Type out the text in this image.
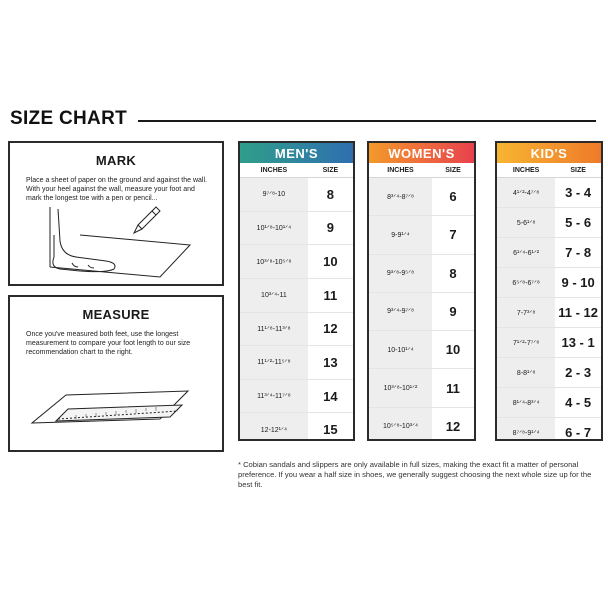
SIZE CHART
MARK
Place a sheet of paper on the ground and against the wall. With your heel against the wall, measure your foot and mark the longest toe with a pen or pencil...
MEASURE
Once you've measured both feet, use the longest measurement to compare your foot length to our size recommendation chart to the right.
MEN'S
INCHES	SIZE
9⁷ᐟ⁸-10	8
10¹ᐟ⁸-10¹ᐟ⁴	9
10³ᐟ⁸-10⁵ᐟ⁸	10
10³ᐟ⁴-11	11
11¹ᐟ⁸-11³ᐟ⁸	12
11¹ᐟ²-11⁵ᐟ⁸	13
11³ᐟ⁴-11⁷ᐟ⁸	14
12-12¹ᐟ⁴	15
WOMEN'S
INCHES	SIZE
8³ᐟ⁴-8⁷ᐟ⁸	6
9-9¹ᐟ⁴	7
9³ᐟ⁸-9⁵ᐟ⁸	8
9³ᐟ⁴-9⁷ᐟ⁸	9
10-10¹ᐟ⁴	10
10³ᐟ⁸-10¹ᐟ²	11
10⁵ᐟ⁸-10³ᐟ⁴	12
KID'S
INCHES	SIZE
4¹ᐟ²-4⁷ᐟ⁸	3 - 4
5-6¹ᐟ⁸	5 - 6
6¹ᐟ⁴-6¹ᐟ²	7 - 8
6⁵ᐟ⁸-6⁷ᐟ⁸	9 - 10
7-7³ᐟ⁸	11 - 12
7¹ᐟ²-7⁷ᐟ⁸	13 - 1
8-8¹ᐟ⁸	2 - 3
8¹ᐟ⁴-8³ᐟ⁴	4 - 5
8⁷ᐟ⁸-9¹ᐟ⁴	6 - 7
* Cobian sandals and slippers are only available in full sizes, making the exact fit a matter of personal preference. If you wear a half size in shoes, we generally suggest choosing the next whole size up for the best fit.
